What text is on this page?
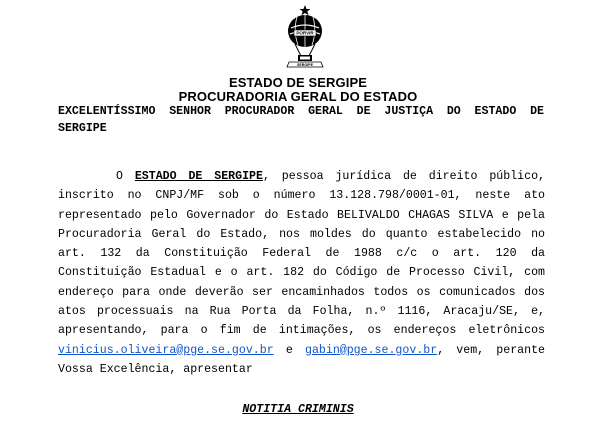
PORVIR
SERGIPE
ESTADO DE SERGIPE
PROCURADORIA GERAL DO ESTADO
EXCELENTÍSSIMO SENHOR PROCURADOR GERAL DE JUSTIÇA DO ESTADO DE SERGIPE
O ESTADO DE SERGIPE, pessoa jurídica de direito público, inscrito no CNPJ/MF sob o número 13.128.798/0001-01, neste ato representado pelo Governador do Estado BELIVALDO CHAGAS SILVA e pela Procuradoria Geral do Estado, nos moldes do quanto estabelecido no art. 132 da Constituição Federal de 1988 c/c o art. 120 da Constituição Estadual e o art. 182 do Código de Processo Civil, com endereço para onde deverão ser encaminhados todos os comunicados dos atos processuais na Rua Porta da Folha, n.º 1116, Aracaju/SE, e, apresentando, para o fim de intimações, os endereços eletrônicos vinicius.oliveira@pge.se.gov.br e gabin@pge.se.gov.br, vem, perante Vossa Excelência, apresentar
NOTITIA CRIMINIS
